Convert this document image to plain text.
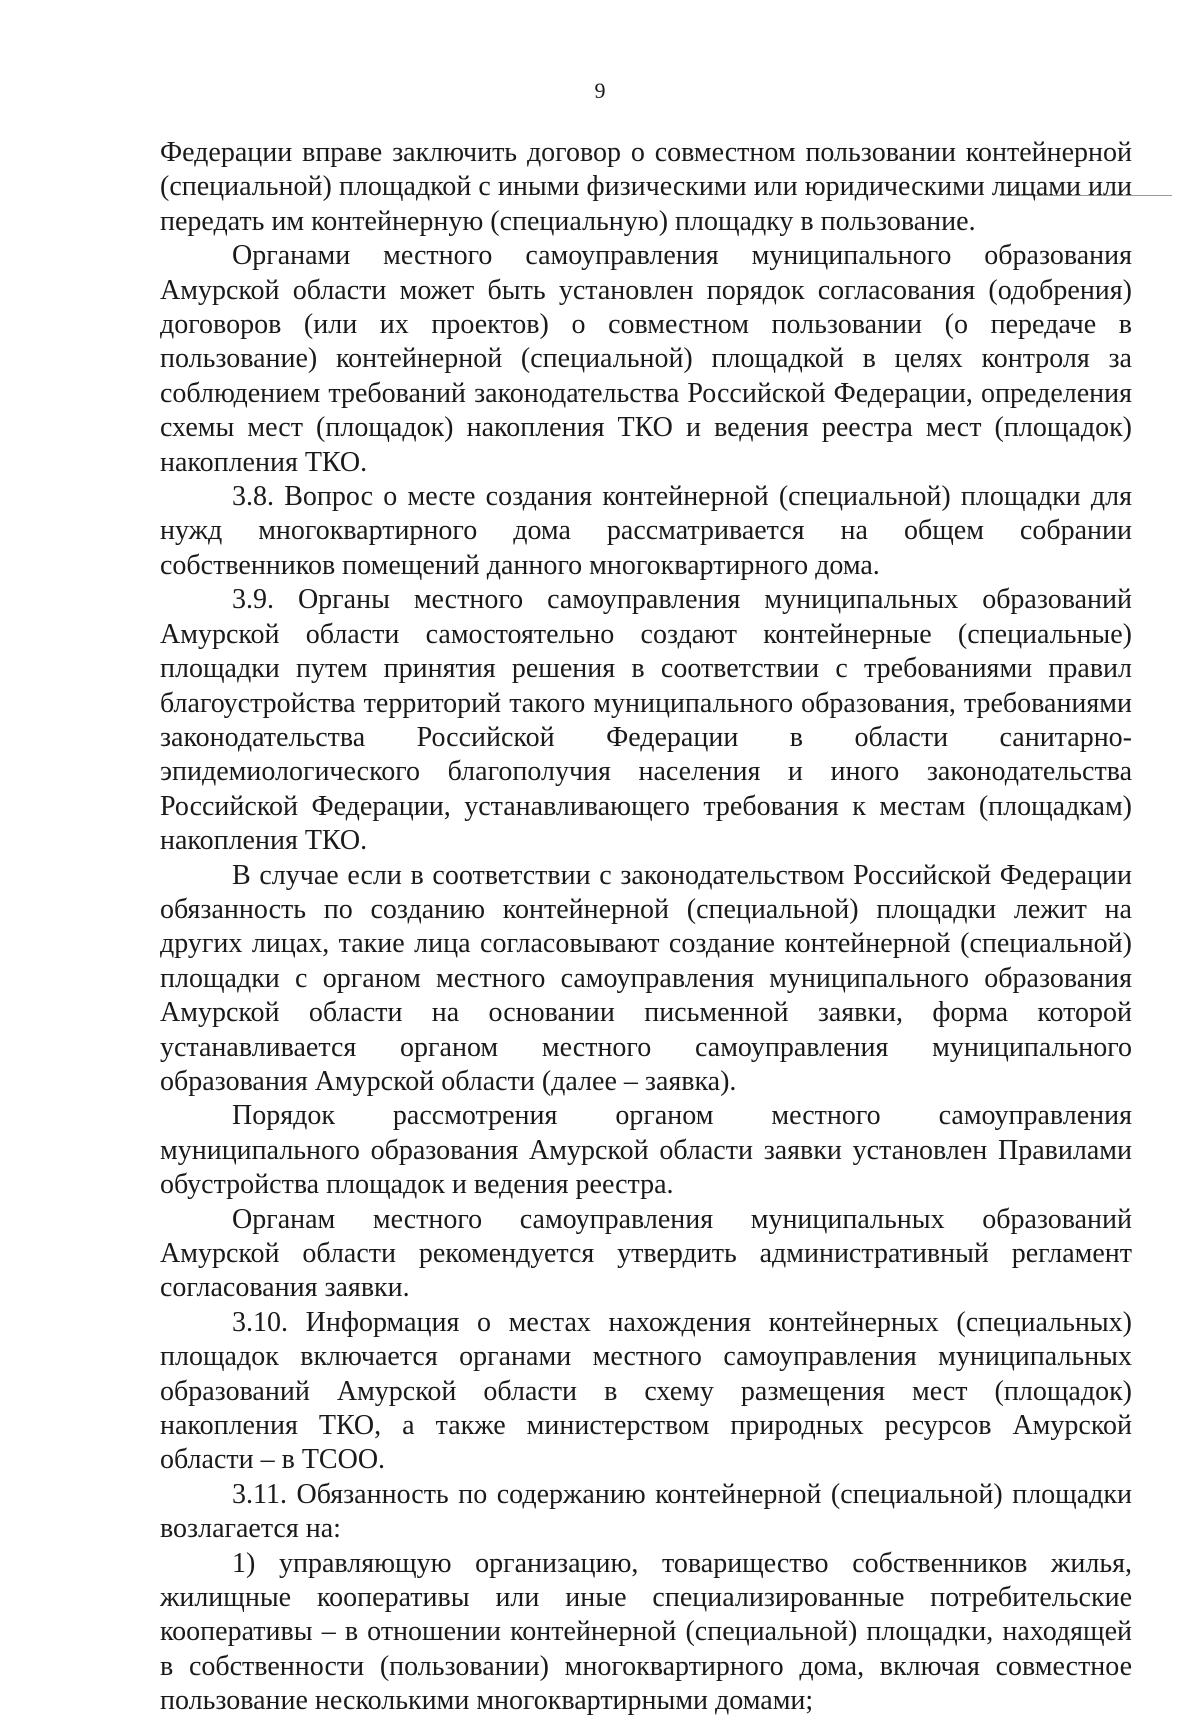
9

Федерации вправе заключить договор о совместном пользовании контейнерной (специальной) площадкой с иными физическими или юридическими лицами или передать им контейнерную (специальную) площадку в пользование.

Органами местного самоуправления муниципального образования Амурской области может быть установлен порядок согласования (одобрения) договоров (или их проектов) о совместном пользовании (о передаче в пользование) контейнерной (специальной) площадкой в целях контроля за соблюдением требований законодательства Российской Федерации, определения схемы мест (площадок) накопления ТКО и ведения реестра мест (площадок) накопления ТКО.

3.8. Вопрос о месте создания контейнерной (специальной) площадки для нужд многоквартирного дома рассматривается на общем собрании собственников помещений данного многоквартирного дома.

3.9. Органы местного самоуправления муниципальных образований Амурской области самостоятельно создают контейнерные (специальные) площадки путем принятия решения в соответствии с требованиями правил благоустройства территорий такого муниципального образования, требованиями законодательства Российской Федерации в области санитарно-эпидемиологического благополучия населения и иного законодательства Российской Федерации, устанавливающего требования к местам (площадкам) накопления ТКО.

В случае если в соответствии с законодательством Российской Федерации обязанность по созданию контейнерной (специальной) площадки лежит на других лицах, такие лица согласовывают создание контейнерной (специальной) площадки с органом местного самоуправления муниципального образования Амурской области на основании письменной заявки, форма которой устанавливается органом местного самоуправления муниципального образования Амурской области (далее – заявка).

Порядок рассмотрения органом местного самоуправления муниципального образования Амурской области заявки установлен Правилами обустройства площадок и ведения реестра.

Органам местного самоуправления муниципальных образований Амурской области рекомендуется утвердить административный регламент согласования заявки.

3.10. Информация о местах нахождения контейнерных (специальных) площадок включается органами местного самоуправления муниципальных образований Амурской области в схему размещения мест (площадок) накопления ТКО, а также министерством природных ресурсов Амурской области – в ТСОО.

3.11. Обязанность по содержанию контейнерной (специальной) площадки возлагается на:

1) управляющую организацию, товарищество собственников жилья, жилищные кооперативы или иные специализированные потребительские кооперативы – в отношении контейнерной (специальной) площадки, находящей в собственности (пользовании) многоквартирного дома, включая совместное пользование несколькими многоквартирными домами;
